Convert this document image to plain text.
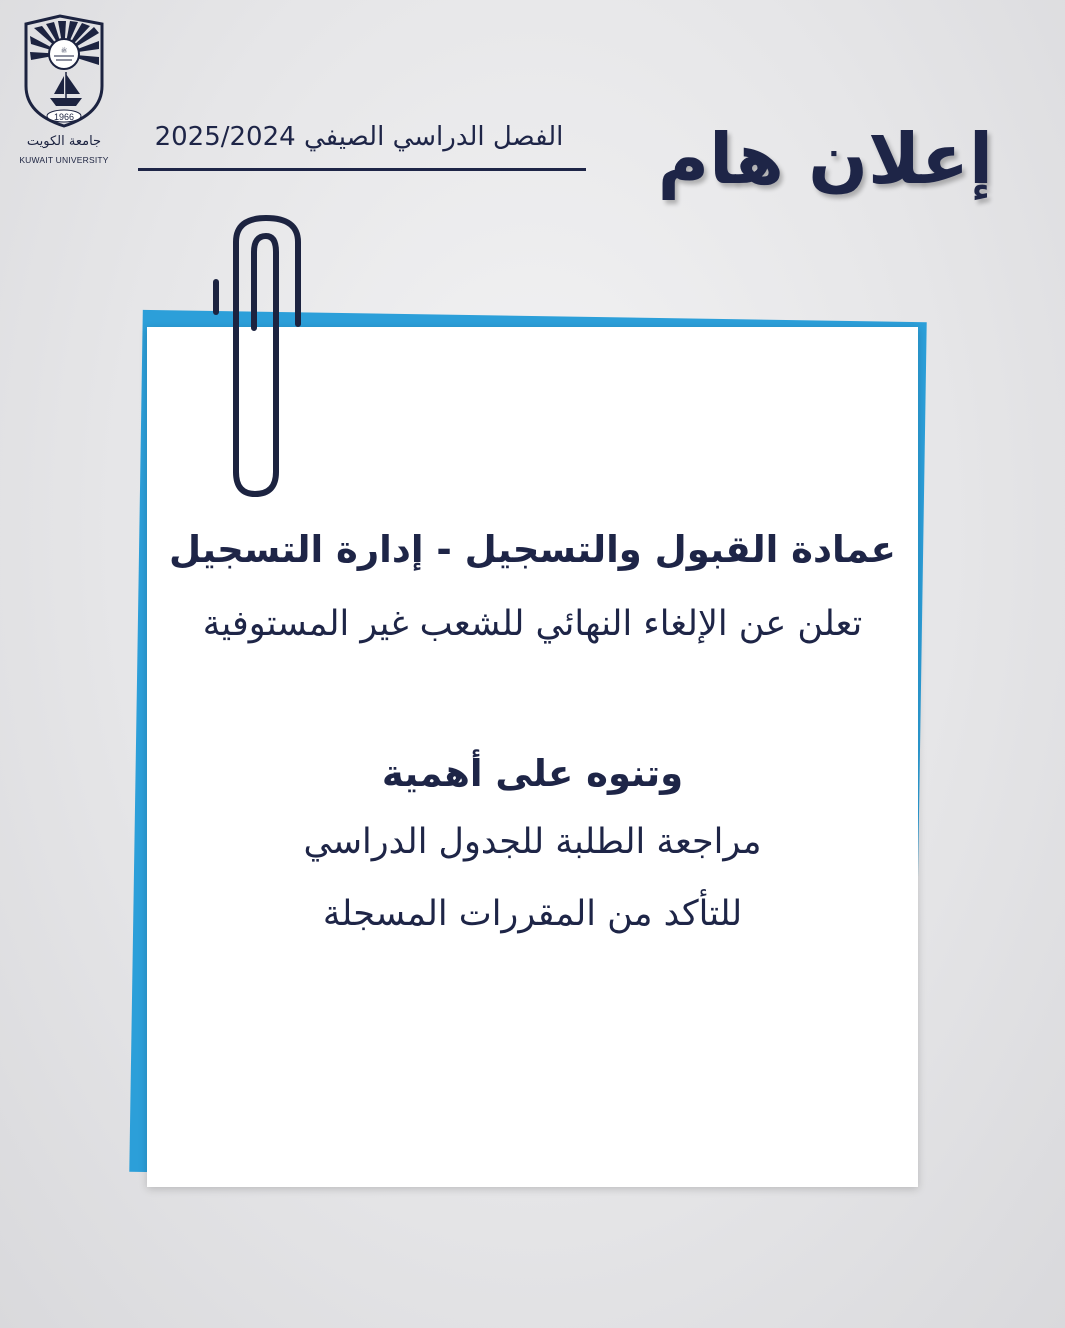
ﷺ
1966
جامعة الكويت
KUWAIT UNIVERSITY
الفصل الدراسي الصيفي 2025/2024 إعلان هام
عمادة القبول والتسجيل - إدارة التسجيل
تعلن عن الإلغاء النهائي للشعب غير المستوفية
وتنوه على أهمية
مراجعة الطلبة للجدول الدراسي
للتأكد من المقررات المسجلة
